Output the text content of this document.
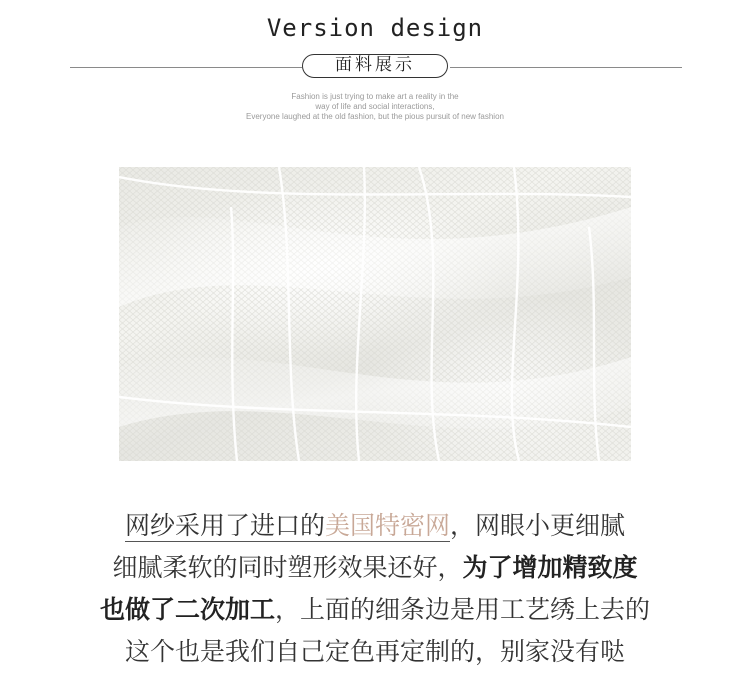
Version design
面料展示
Fashion is just trying to make art a reality in the
way of life and social interactions,
Everyone laughed at the old fashion, but the pious pursuit of new fashion
网纱采用了进口的美国特密网，网眼小更细腻
细腻柔软的同时塑形效果还好，为了增加精致度
也做了二次加工，上面的细条边是用工艺绣上去的
这个也是我们自己定色再定制的，别家没有哒
